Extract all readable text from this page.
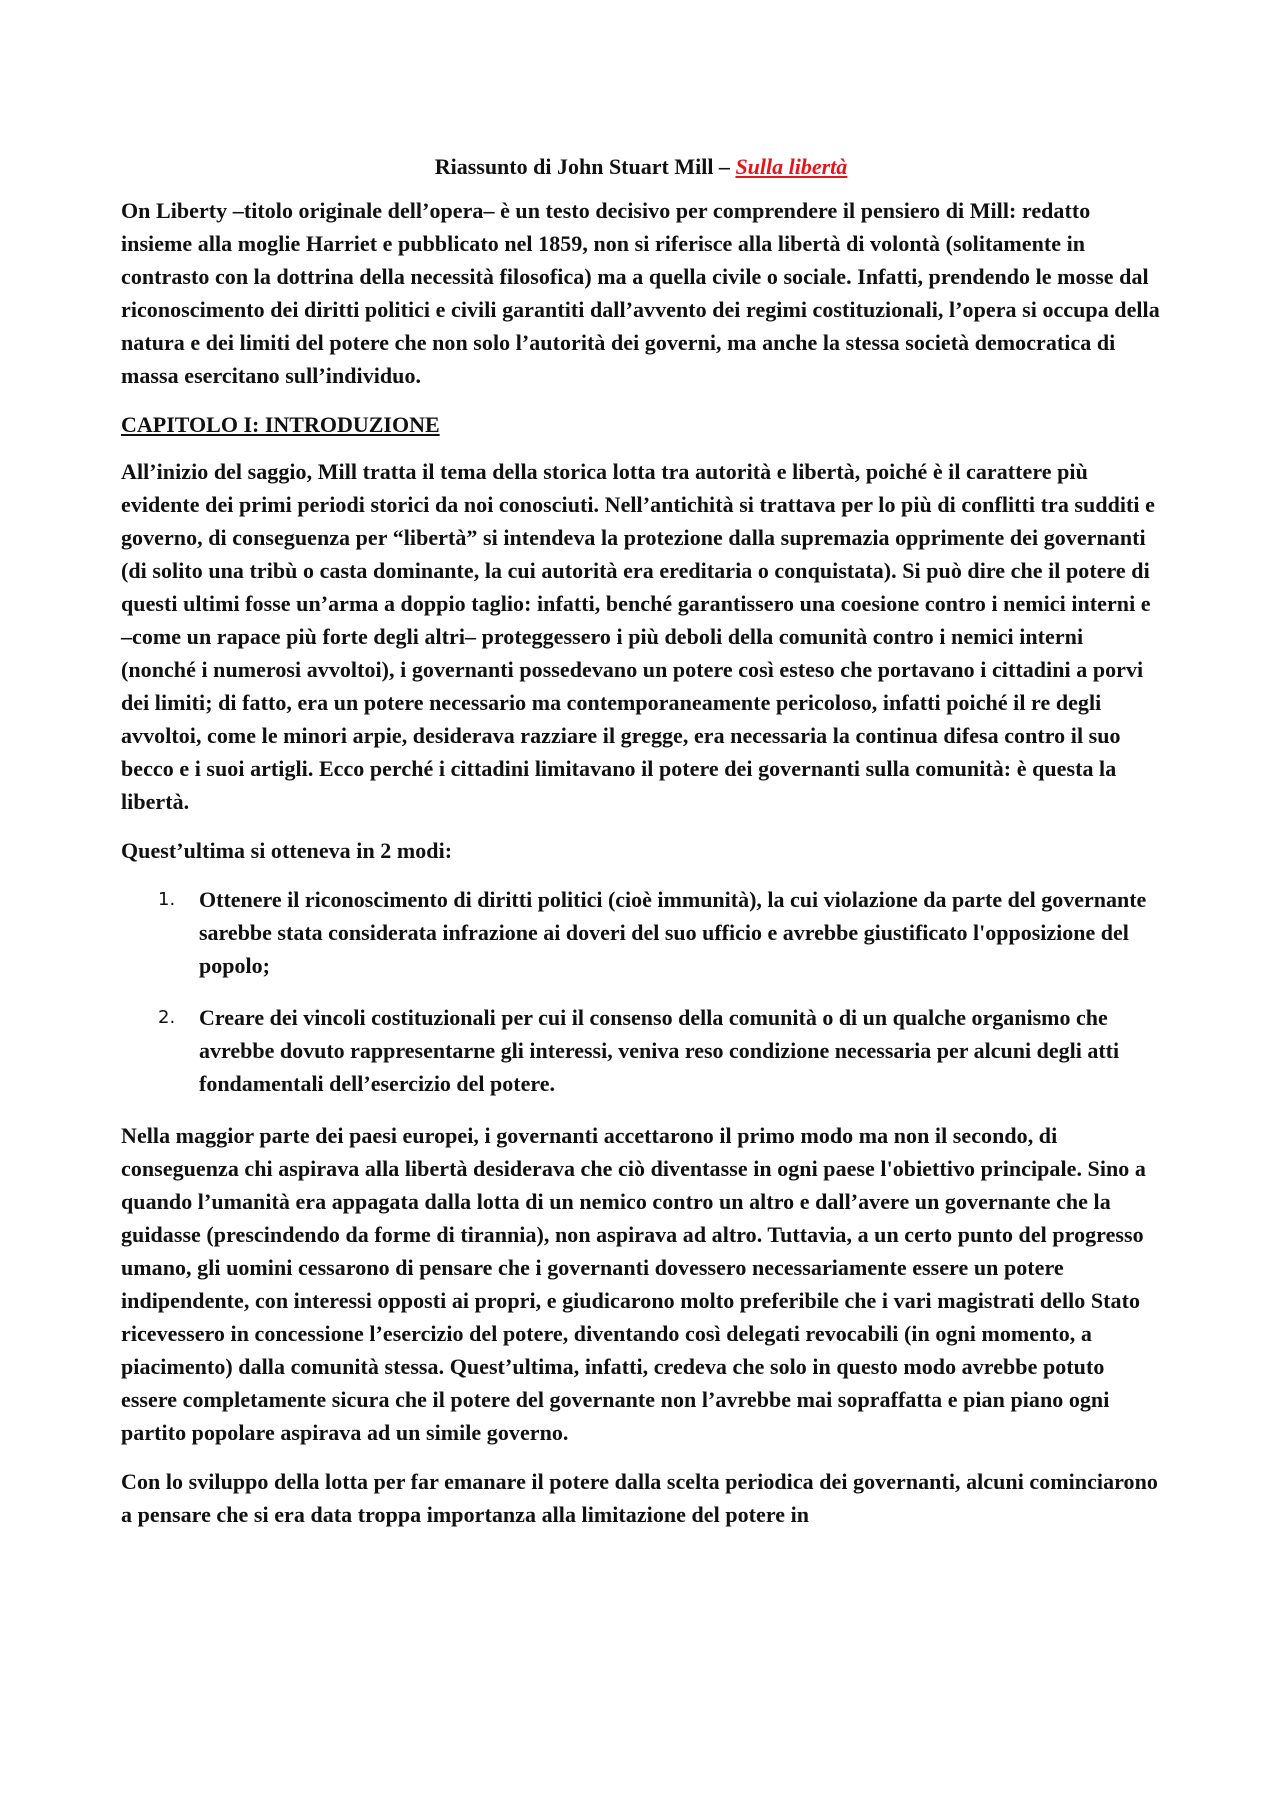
Riassunto di John Stuart Mill – Sulla libertà

On Liberty –titolo originale dell’opera– è un testo decisivo per comprendere il pensiero di Mill: redatto insieme alla moglie Harriet e pubblicato nel 1859, non si riferisce alla libertà di volontà (solitamente in contrasto con la dottrina della necessità filosofica) ma a quella civile o sociale. Infatti, prendendo le mosse dal riconoscimento dei diritti politici e civili garantiti dall’avvento dei regimi costituzionali, l’opera si occupa della natura e dei limiti del potere che non solo l’autorità dei governi, ma anche la stessa società democratica di massa esercitano sull’individuo.

CAPITOLO I: INTRODUZIONE

All’inizio del saggio, Mill tratta il tema della storica lotta tra autorità e libertà, poiché è il carattere più evidente dei primi periodi storici da noi conosciuti. Nell’antichità si trattava per lo più di conflitti tra sudditi e governo, di conseguenza per “libertà” si intendeva la protezione dalla supremazia opprimente dei governanti (di solito una tribù o casta dominante, la cui autorità era ereditaria o conquistata). Si può dire che il potere di questi ultimi fosse un’arma a doppio taglio: infatti, benché garantissero una coesione contro i nemici interni e –come un rapace più forte degli altri– proteggessero i più deboli della comunità contro i nemici interni (nonché i numerosi avvoltoi), i governanti possedevano un potere così esteso che portavano i cittadini a porvi dei limiti; di fatto, era un potere necessario ma contemporaneamente pericoloso, infatti poiché il re degli avvoltoi, come le minori arpie, desiderava razziare il gregge, era necessaria la continua difesa contro il suo becco e i suoi artigli. Ecco perché i cittadini limitavano il potere dei governanti sulla comunità: è questa la libertà.

Quest’ultima si otteneva in 2 modi:

1. Ottenere il riconoscimento di diritti politici (cioè immunità), la cui violazione da parte del governante sarebbe stata considerata infrazione ai doveri del suo ufficio e avrebbe giustificato l'opposizione del popolo;
2. Creare dei vincoli costituzionali per cui il consenso della comunità o di un qualche organismo che avrebbe dovuto rappresentarne gli interessi, veniva reso condizione necessaria per alcuni degli atti fondamentali dell’esercizio del potere.

Nella maggior parte dei paesi europei, i governanti accettarono il primo modo ma non il secondo, di conseguenza chi aspirava alla libertà desiderava che ciò diventasse in ogni paese l'obiettivo principale. Sino a quando l’umanità era appagata dalla lotta di un nemico contro un altro e dall’avere un governante che la guidasse (prescindendo da forme di tirannia), non aspirava ad altro. Tuttavia, a un certo punto del progresso umano, gli uomini cessarono di pensare che i governanti dovessero necessariamente essere un potere indipendente, con interessi opposti ai propri, e giudicarono molto preferibile che i vari magistrati dello Stato ricevessero in concessione l’esercizio del potere, diventando così delegati revocabili (in ogni momento, a piacimento) dalla comunità stessa. Quest’ultima, infatti, credeva che solo in questo modo avrebbe potuto essere completamente sicura che il potere del governante non l’avrebbe mai sopraffatta e pian piano ogni partito popolare aspirava ad un simile governo.

Con lo sviluppo della lotta per far emanare il potere dalla scelta periodica dei governanti, alcuni cominciarono a pensare che si era data troppa importanza alla limitazione del potere in
